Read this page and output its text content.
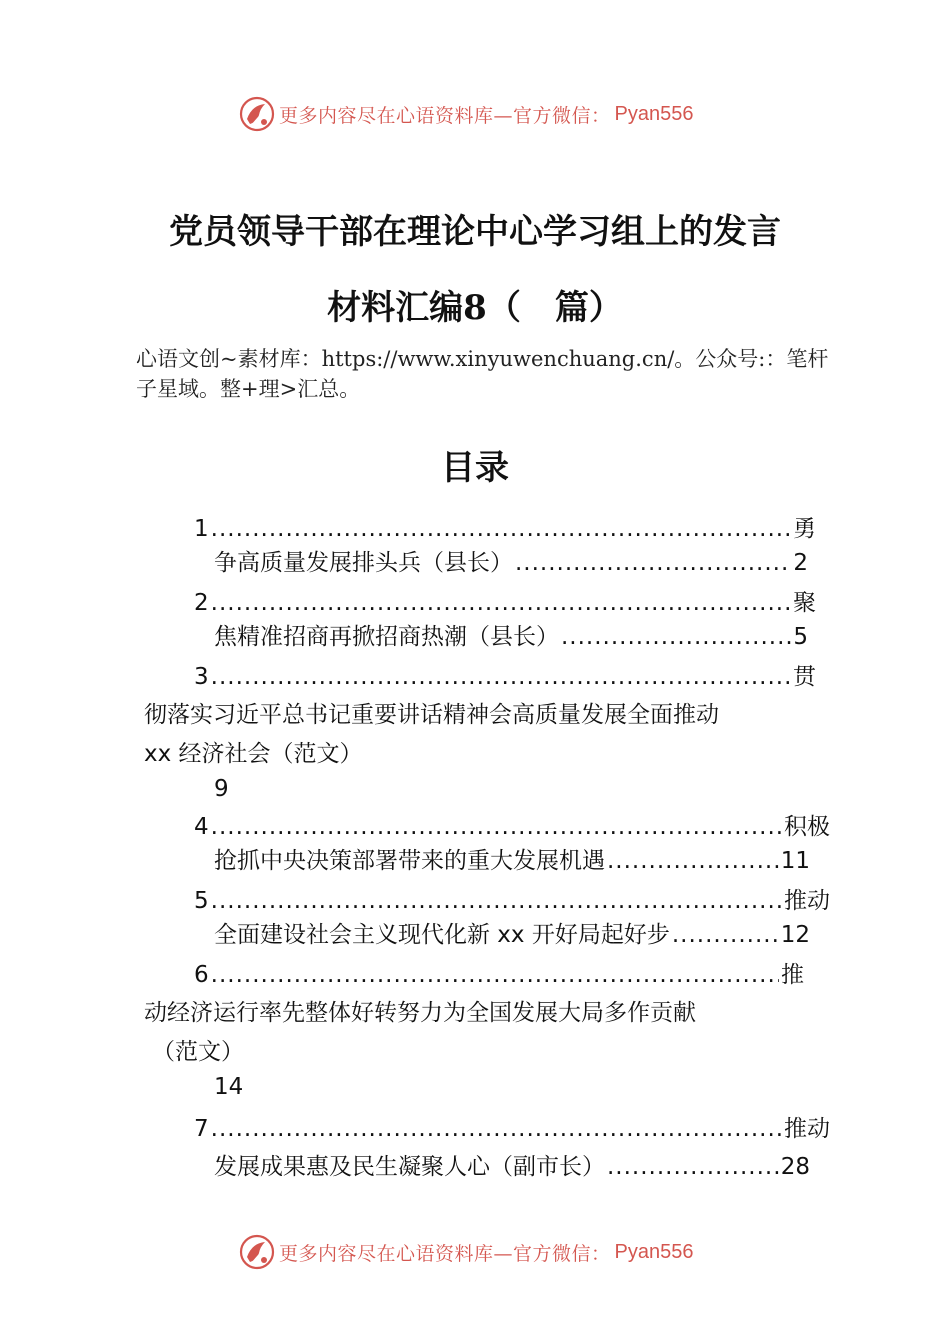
更多内容尽在心语资料库—官方微信： Pyan556
党员领导干部在理论中心学习组上的发言
材料汇编8（　篇）
心语文创~素材库：https://www.xinyuwenchuang.cn/。公众号:：笔杆子星域。整+理>汇总。
目录
1 .....	勇
争高质量发展排头兵（县长） .....	2
2 .....	聚
焦精准招商再掀招商热潮（县长） .....	5
3 .....	贯
彻落实习近平总书记重要讲话精神会高质量发展全面推动
xx 经济社会（范文）
9
4 .....	积极
抢抓中央决策部署带来的重大发展机遇 .....	11
5 .....	推动
全面建设社会主义现代化新 xx 开好局起好步 .....	12
6 .....	推
动经济运行率先整体好转努力为全国发展大局多作贡献
（范文）
14
7 .....	推动
发展成果惠及民生凝聚人心（副市长） .....	28
更多内容尽在心语资料库—官方微信： Pyan556
